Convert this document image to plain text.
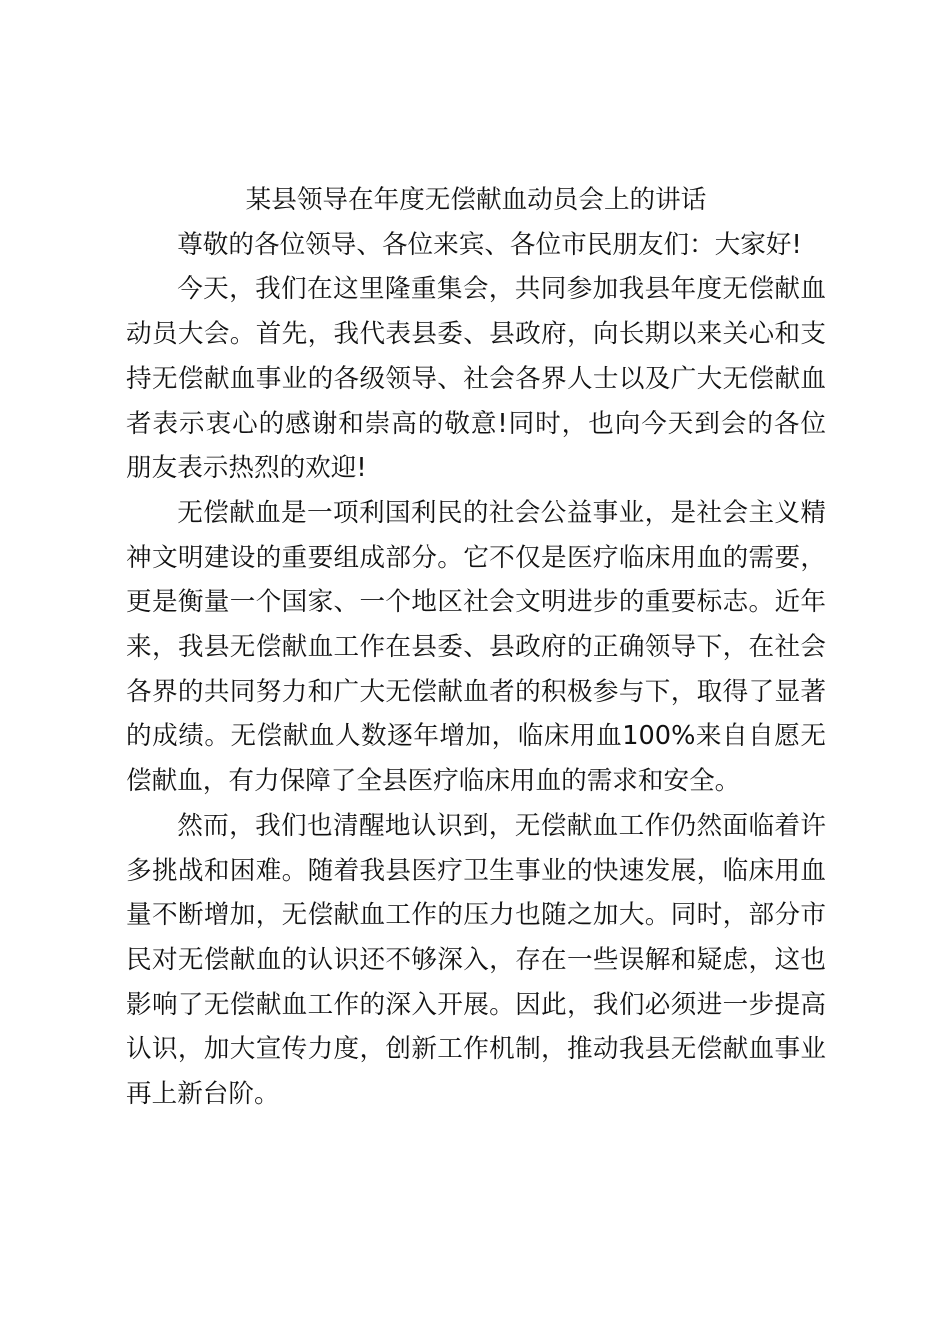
某县领导在年度无偿献血动员会上的讲话

尊敬的各位领导、各位来宾、各位市民朋友们：大家好!

今天，我们在这里隆重集会，共同参加我县年度无偿献血动员大会。首先，我代表县委、县政府，向长期以来关心和支持无偿献血事业的各级领导、社会各界人士以及广大无偿献血者表示衷心的感谢和崇高的敬意!同时，也向今天到会的各位朋友表示热烈的欢迎!

无偿献血是一项利国利民的社会公益事业，是社会主义精神文明建设的重要组成部分。它不仅是医疗临床用血的需要，更是衡量一个国家、一个地区社会文明进步的重要标志。近年来，我县无偿献血工作在县委、县政府的正确领导下，在社会各界的共同努力和广大无偿献血者的积极参与下，取得了显著的成绩。无偿献血人数逐年增加，临床用血100%来自自愿无偿献血，有力保障了全县医疗临床用血的需求和安全。

然而，我们也清醒地认识到，无偿献血工作仍然面临着许多挑战和困难。随着我县医疗卫生事业的快速发展，临床用血量不断增加，无偿献血工作的压力也随之加大。同时，部分市民对无偿献血的认识还不够深入，存在一些误解和疑虑，这也影响了无偿献血工作的深入开展。因此，我们必须进一步提高认识，加大宣传力度，创新工作机制，推动我县无偿献血事业再上新台阶。
